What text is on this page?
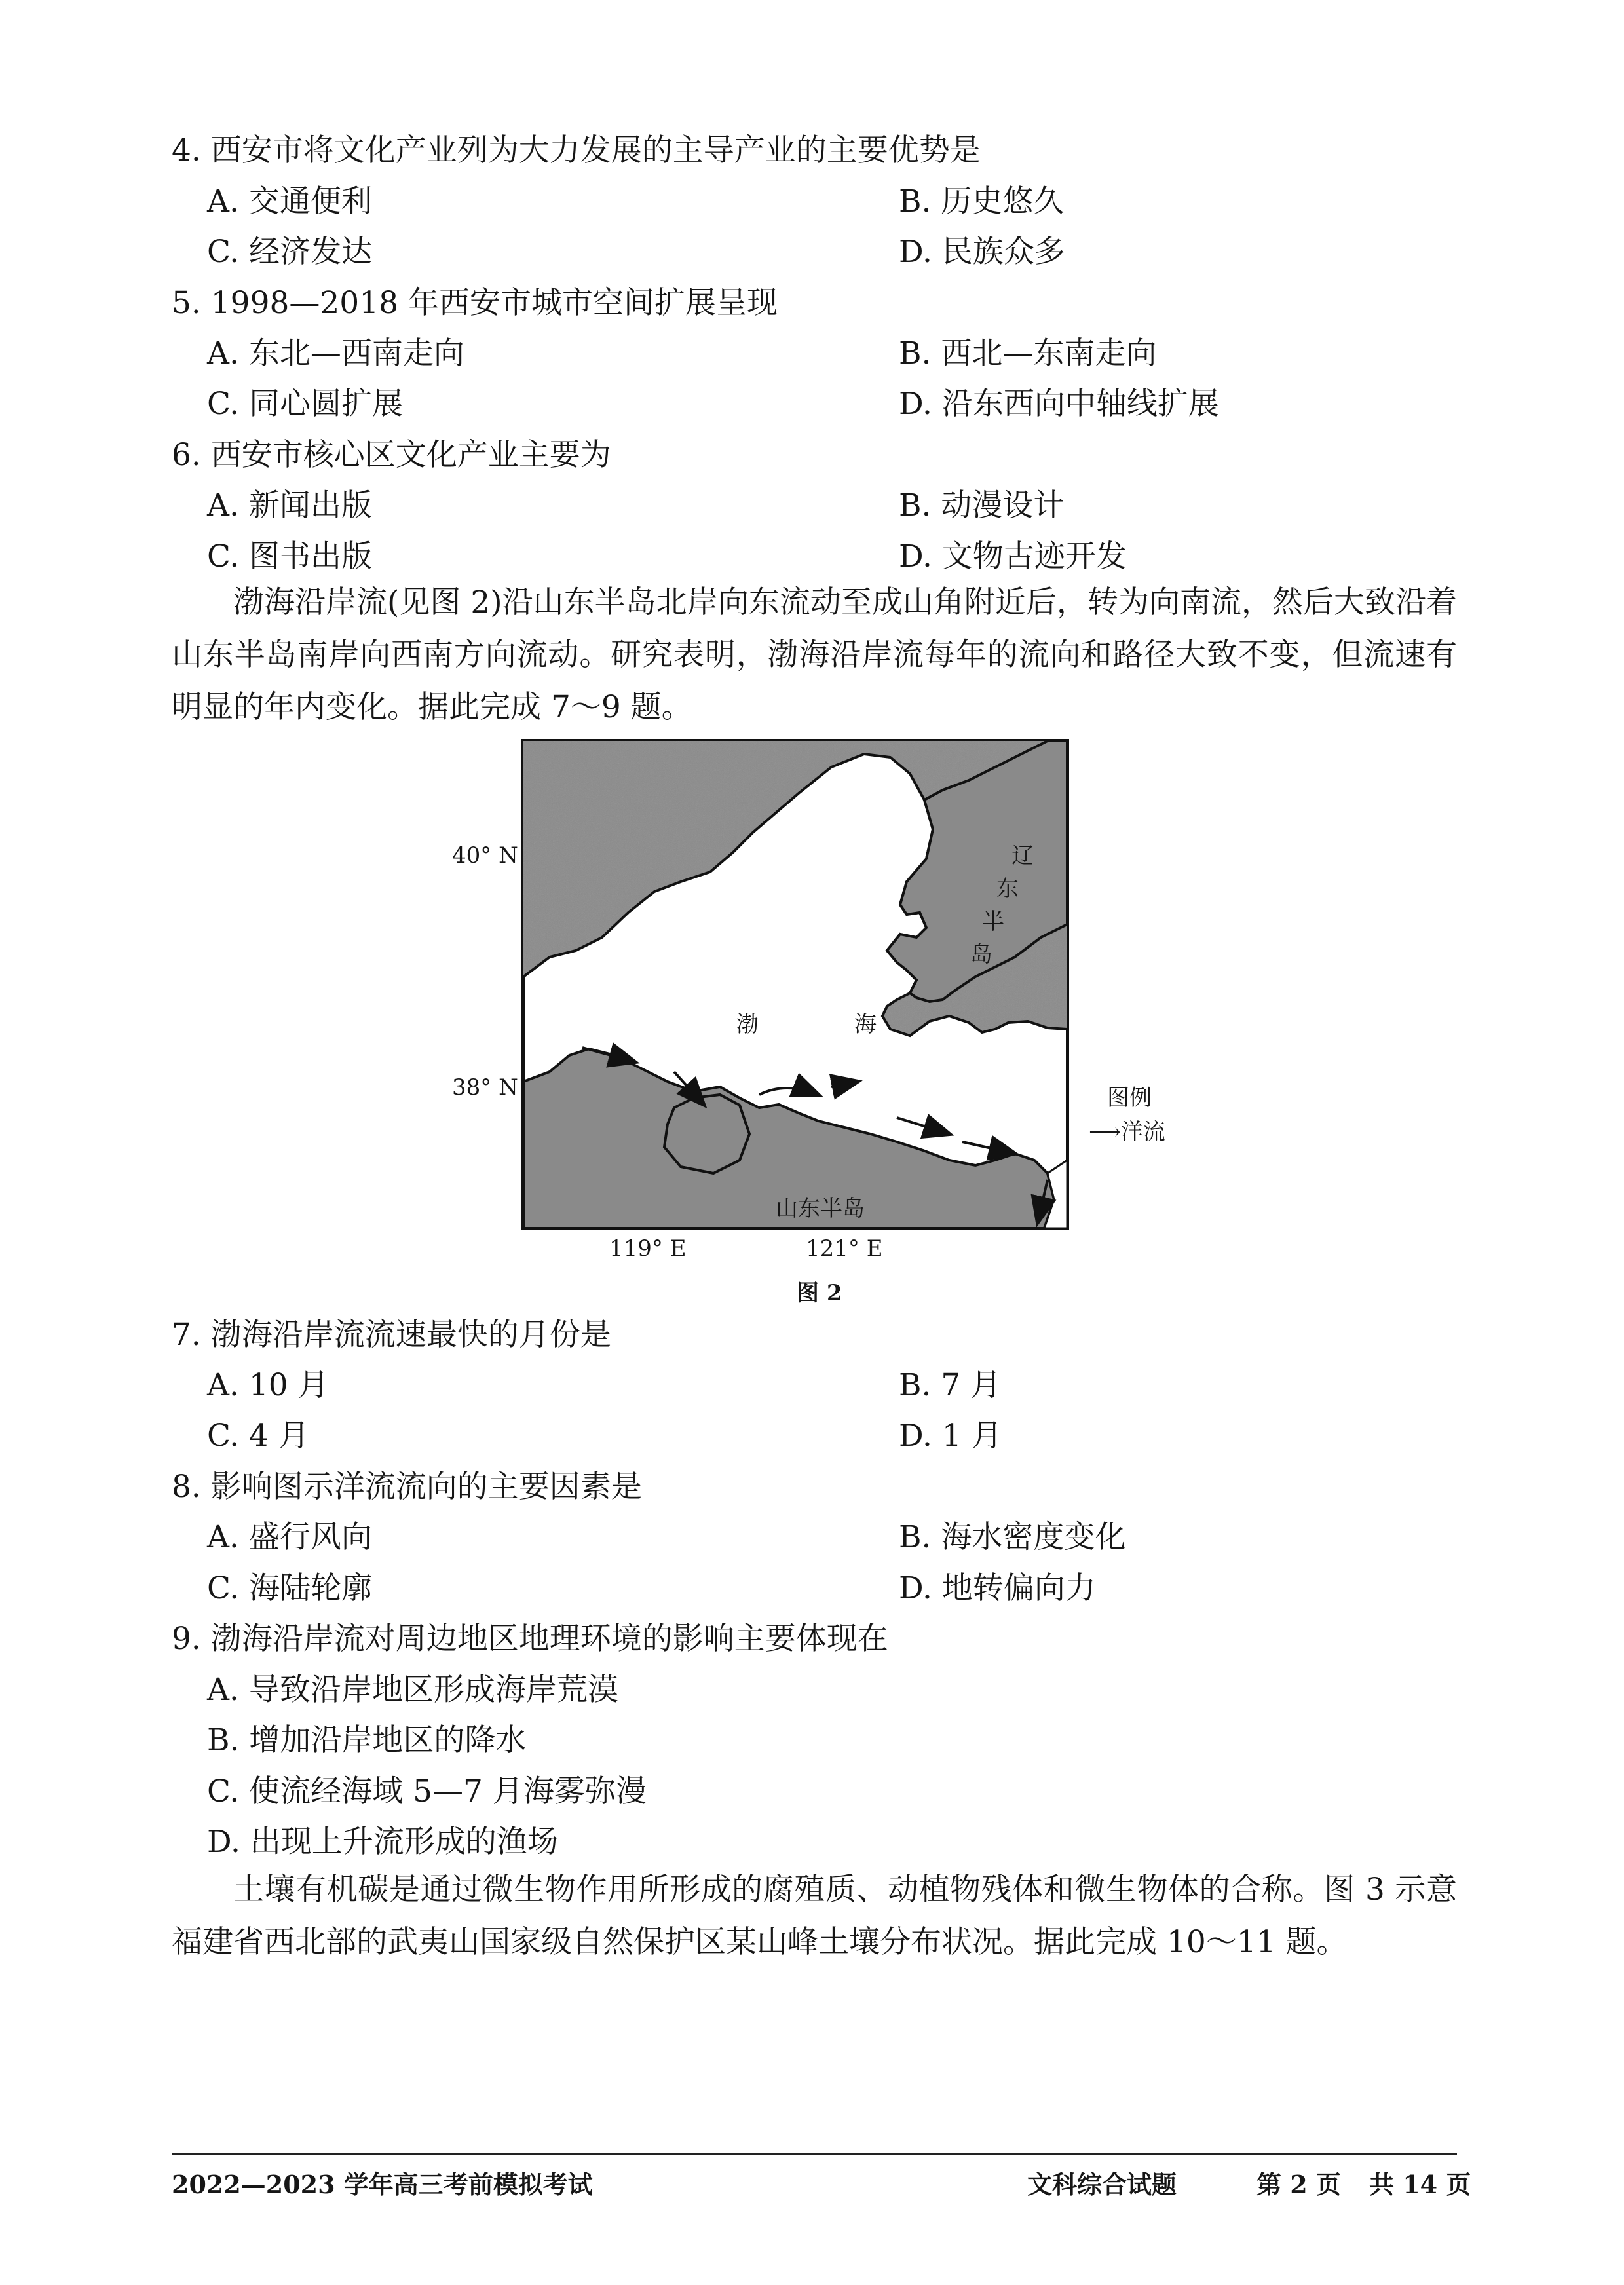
4. 西安市将文化产业列为大力发展的主导产业的主要优势是
A. 交通便利	B. 历史悠久
C. 经济发达	D. 民族众多
5. 1998—2018 年西安市城市空间扩展呈现
A. 东北—西南走向	B. 西北—东南走向
C. 同心圆扩展	D. 沿东西向中轴线扩展
6. 西安市核心区文化产业主要为
A. 新闻出版	B. 动漫设计
C. 图书出版	D. 文物古迹开发
渤海沿岸流(见图 2)沿山东半岛北岸向东流动至成山角附近后，转为向南流，然后大致沿着山东半岛南岸向西南方向流动。研究表明，渤海沿岸流每年的流向和路径大致不变，但流速有明显的年内变化。据此完成 7～9 题。
渤	海
辽
东
半
岛
山东半岛
40° N
38° N
119° E	121° E
图例
⟶洋流
图 2
7. 渤海沿岸流流速最快的月份是
A. 10 月	B. 7 月
C. 4 月	D. 1 月
8. 影响图示洋流流向的主要因素是
A. 盛行风向	B. 海水密度变化
C. 海陆轮廓	D. 地转偏向力
9. 渤海沿岸流对周边地区地理环境的影响主要体现在
A. 导致沿岸地区形成海岸荒漠
B. 增加沿岸地区的降水
C. 使流经海域 5—7 月海雾弥漫
D. 出现上升流形成的渔场
土壤有机碳是通过微生物作用所形成的腐殖质、动植物残体和微生物体的合称。图 3 示意福建省西北部的武夷山国家级自然保护区某山峰土壤分布状况。据此完成 10～11 题。
2022—2023 学年高三考前模拟考试	文科综合试题	第 2 页 共 14 页
